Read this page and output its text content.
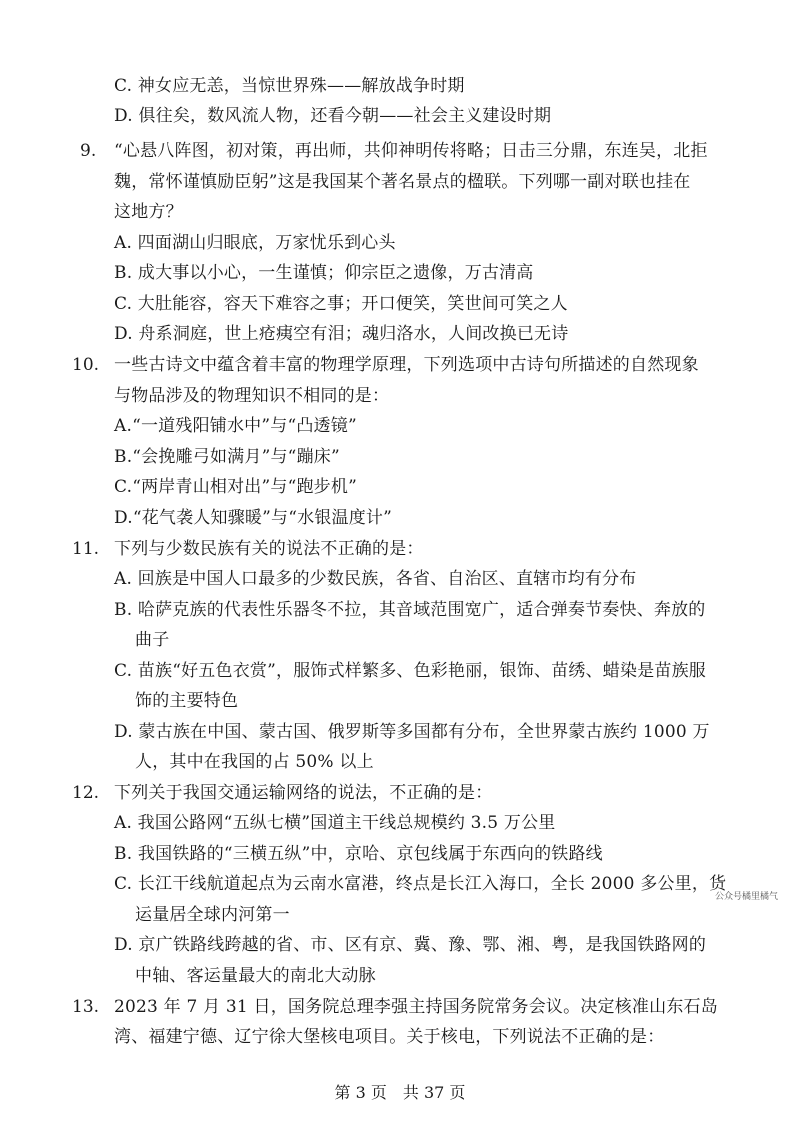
C. 神女应无恙，当惊世界殊——解放战争时期
D. 俱往矣，数风流人物，还看今朝——社会主义建设时期
9. “心悬八阵图，初对策，再出师，共仰神明传将略；日击三分鼎，东连吴，北拒
魏，常怀谨慎励臣躬”这是我国某个著名景点的楹联。下列哪一副对联也挂在
这地方？
A. 四面湖山归眼底，万家忧乐到心头
B. 成大事以小心，一生谨慎；仰宗臣之遗像，万古清高
C. 大肚能容，容天下难容之事；开口便笑，笑世间可笑之人
D. 舟系洞庭，世上疮痍空有泪；魂归洛水，人间改换已无诗
10. 一些古诗文中蕴含着丰富的物理学原理，下列选项中古诗句所描述的自然现象
与物品涉及的物理知识不相同的是：
A.“一道残阳铺水中”与“凸透镜”
B.“会挽雕弓如满月”与“蹦床”
C.“两岸青山相对出”与“跑步机”
D.“花气袭人知骤暖”与“水银温度计”
11. 下列与少数民族有关的说法不正确的是：
A. 回族是中国人口最多的少数民族，各省、自治区、直辖市均有分布
B. 哈萨克族的代表性乐器冬不拉，其音域范围宽广，适合弹奏节奏快、奔放的
曲子
C. 苗族“好五色衣赏”，服饰式样繁多、色彩艳丽，银饰、苗绣、蜡染是苗族服
饰的主要特色
D. 蒙古族在中国、蒙古国、俄罗斯等多国都有分布，全世界蒙古族约 1000 万
人，其中在我国的占 50% 以上
12. 下列关于我国交通运输网络的说法，不正确的是：
A. 我国公路网“五纵七横”国道主干线总规模约 3.5 万公里
B. 我国铁路的“三横五纵”中，京哈、京包线属于东西向的铁路线
C. 长江干线航道起点为云南水富港，终点是长江入海口，全长 2000 多公里，货
运量居全球内河第一
D. 京广铁路线跨越的省、市、区有京、冀、豫、鄂、湘、粤，是我国铁路网的
中轴、客运量最大的南北大动脉
13. 2023 年 7 月 31 日，国务院总理李强主持国务院常务会议。决定核准山东石岛
湾、福建宁德、辽宁徐大堡核电项目。关于核电，下列说法不正确的是：
公众号橘里橘气
第 3 页　共 37 页
